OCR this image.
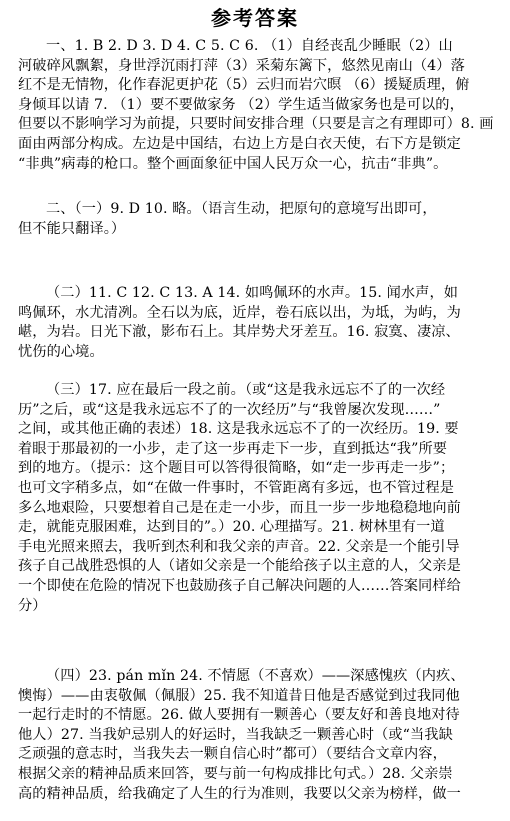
参考答案
一、1. B 2. D 3. D 4. C 5. C 6. （1）自经丧乱少睡眠（2）山
河破碎风飘絮，身世浮沉雨打萍（3）采菊东篱下，悠然见南山（4）落
红不是无情物，化作春泥更护花（5）云归而岩穴暝 （6）援疑质理，俯
身倾耳以请 7. （1）要不要做家务 （2）学生适当做家务也是可以的，
但要以不影响学习为前提，只要时间安排合理（只要是言之有理即可）8. 画
面由两部分构成。左边是中国结，右边上方是白衣天使，右下方是锁定
“非典”病毒的枪口。整个画面象征中国人民万众一心，抗击“非典”。
二、（一）9. D 10. 略。（语言生动，把原句的意境写出即可，
但不能只翻译。）
（二）11. C 12. C 13. A 14. 如鸣佩环的水声。15. 闻水声，如
鸣佩环，水尤清冽。全石以为底，近岸，卷石底以出，为坻，为屿，为
嵁，为岩。日光下澈，影布石上。其岸势犬牙差互。16. 寂寞、凄凉、
忧伤的心境。
（三）17. 应在最后一段之前。（或“这是我永远忘不了的一次经
历”之后，或“这是我永远忘不了的一次经历”与“我曾屡次发现……”
之间，或其他正确的表述）18. 这是我永远忘不了的一次经历。19. 要
着眼于那最初的一小步，走了这一步再走下一步，直到抵达“我”所要
到的地方。（提示：这个题目可以答得很简略，如“走一步再走一步”；
也可文字稍多点，如“在做一件事时，不管距离有多远，也不管过程是
多么地艰险，只要想着自己是在走一小步，而且一步一步地稳稳地向前
走，就能克服困难，达到目的”。）20. 心理描写。21. 树林里有一道
手电光照来照去，我听到杰利和我父亲的声音。22. 父亲是一个能引导
孩子自己战胜恐惧的人（诸如父亲是一个能给孩子以主意的人，父亲是
一个即使在危险的情况下也鼓励孩子自己解决问题的人……答案同样给
分）
（四）23. pán mǐn 24. 不情愿（不喜欢）——深感愧疚（内疚、
懊悔）——由衷敬佩（佩服）25. 我不知道昔日他是否感觉到过我同他
一起行走时的不情愿。26. 做人要拥有一颗善心（要友好和善良地对待
他人）27. 当我妒忌别人的好运时，当我缺乏一颗善心时（或“当我缺
乏顽强的意志时，当我失去一颗自信心时”都可）（要结合文章内容，
根据父亲的精神品质来回答，要与前一句构成排比句式。）28. 父亲崇
高的精神品质，给我确定了人生的行为准则，我要以父亲为榜样，做一
